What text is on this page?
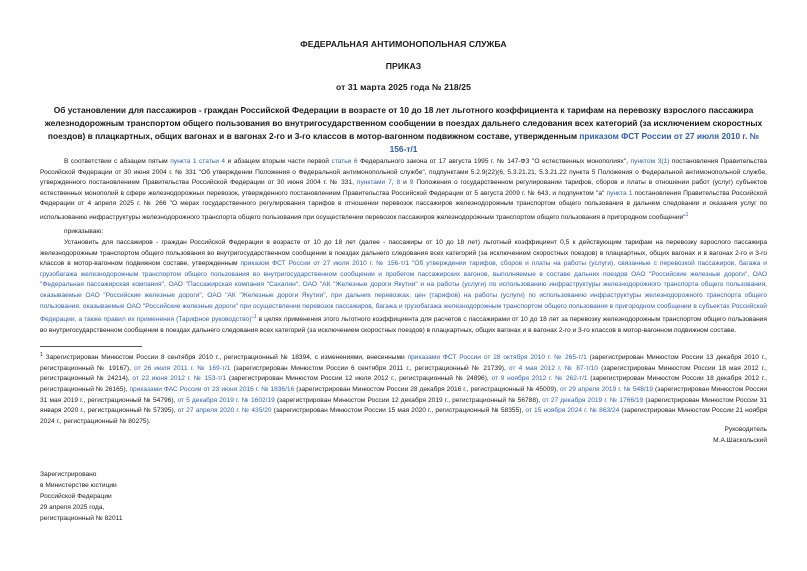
ФЕДЕРАЛЬНАЯ АНТИМОНОПОЛЬНАЯ СЛУЖБА
ПРИКАЗ
от 31 марта 2025 года № 218/25
Об установлении для пассажиров - граждан Российской Федерации в возрасте от 10 до 18 лет льготного коэффициента к тарифам на перевозку взрослого пассажира железнодорожным транспортом общего пользования во внутригосударственном сообщении в поездах дальнего следования всех категорий (за исключением скоростных поездов) в плацкартных, общих вагонах и в вагонах 2-го и 3-го классов в мотор-вагонном подвижном составе, утвержденным приказом ФСТ России от 27 июля 2010 г. № 156-т/1
В соответствии с абзацем пятым пункта 1 статьи 4 и абзацем вторым части первой статьи 6 Федерального закона от 17 августа 1995 г. № 147-ФЗ "О естественных монополиях", пунктом 3(1) постановления Правительства Российской Федерации от 30 июня 2004 г. № 331 "Об утверждении Положения о Федеральной антимонопольной службе", подпунктами 5.2.9(22)(6, 5.3.21.21, 5.3.21.22 пункта 5 Положения о Федеральной антимонопольной службе, утвержденного постановлением Правительства Российской Федерации от 30 июня 2004 г. № 331, пунктами 7, 8 и 9 Положения о государственном регулировании тарифов, сборов и платы в отношении работ (услуг) субъектов естественных монополий в сфере железнодорожных перевозок, утвержденного постановлением Правительства Российской Федерации от 5 августа 2009 г. № 643, и подпунктом "а" пункта 1 постановления Правительства Российской Федерации от 4 апреля 2025 г. № 266 "О мерах государственного регулирования тарифов в отношении перевозок пассажиров железнодорожным транспортом общего пользования в дальнем следовании и оказания услуг по использованию инфраструктуры железнодорожного транспорта общего пользования при осуществлении перевозок пассажиров железнодорожным транспортом общего пользования в пригородном сообщении"$^1$
приказываю:
Установить для пассажиров - граждан Российской Федерации в возрасте от 10 до 18 лет (далее - пассажиры от 10 до 18 лет) льготный коэффициент 0,5 к действующим тарифам на перевозку взрослого пассажира железнодорожным транспортом общего пользования во внутригосударственном сообщении в поездах дальнего следования всех категорий (за исключением скоростных поездов) в плацкартных, общих вагонах и в вагонах 2-го и 3-го классов в мотор-вагонном подвижном составе, утвержденным приказом ФСТ России от 27 июля 2010 г. № 156-т/1 "Об утверждении тарифов, сборов и платы на работы (услуги), связанные с перевозкой пассажиров, багажа и грузобагажа железнодорожным транспортом общего пользования во внутригосударственном сообщении и пробегом пассажирских вагонов, выполняемые в составе дальних поездов ОАО "Российские железные дороги", ОАО "Федеральная пассажирская компания", ОАО "Пассажирская компания "Сахалин", ОАО "АК "Железные дороги Якутии" и на работы (услуги) по использованию инфраструктуры железнодорожного транспорта общего пользования, оказываемые ОАО "Российские железные дороги", ОАО "АК "Железные дороги Якутии", при дальних перевозках, цен (тарифов) на работы (услуги) по использованию инфраструктуры железнодорожного транспорта общего пользования, оказываемые ОАО "Российские железные дороги" при осуществлении перевозок пассажиров, багажа и грузобагажа железнодорожным транспортом общего пользования в пригородном сообщении в субъектах Российской Федерации, а также правил их применения (Тарифное руководство)"$^1$ в целях применения этого льготного коэффициента для расчетов с пассажирами от 10 до 18 лет за перевозку железнодорожным транспортом общего пользования во внутригосударственном сообщении в поездах дальнего следования всех категорий (за исключением скоростных поездов) в плацкартных, общих вагонах и в вагонах 2-го и 3-го классов в мотор-вагонном подвижном составе.
$^1$ Зарегистрирован Минюстом России 8 сентября 2010 г., регистрационный № 18394, с изменениями, внесенными приказами ФСТ России от 28 октября 2010 г. № 265-т/1 (зарегистрирован Минюстом России 13 декабря 2010 г., регистрационный № 19167), от 26 июля 2011 г. № 169-т/1 (зарегистрирован Минюстом России 6 сентября 2011 г., регистрационный № 21739), от 4 мая 2012 г. № 87-т/10 (зарегистрирован Минюстом России 18 мая 2012 г., регистрационный № 24214), от 22 июня 2012 г. № 153-т/1 (зарегистрирован Минюстом России 12 июля 2012 г., регистрационный № 24896), от 9 ноября 2012 г. № 262-т/1 (зарегистрирован Минюстом России 18 декабря 2012 г., регистрационный № 26165), приказами ФАС России от 23 июня 2016 г. № 1836/16 (зарегистрирован Минюстом России 28 декабря 2016 г., регистрационный № 45009), от 29 апреля 2019 г. № 548/19 (зарегистрирован Минюстом России 31 мая 2019 г., регистрационный № 54796), от 5 декабря 2019 г. № 1602/19 (зарегистрирован Минюстом России 12 декабря 2019 г., регистрационный № 56788), от 27 декабря 2019 г. № 1766/19 (зарегистрирован Минюстом России 31 января 2020 г., регистрационный № 57395), от 27 апреля 2020 г. № 435/20 (зарегистрирован Минюстом России 15 мая 2020 г., регистрационный № 58355), от 15 ноября 2024 г. № 863/24 (зарегистрирован Минюстом России 21 ноября 2024 г., регистрационный № 80275).
Руководитель
М.А.Шаскольский
Зарегистрировано
в Министерстве юстиции
Российской Федерации
29 апреля 2025 года,
регистрационный № 82011
